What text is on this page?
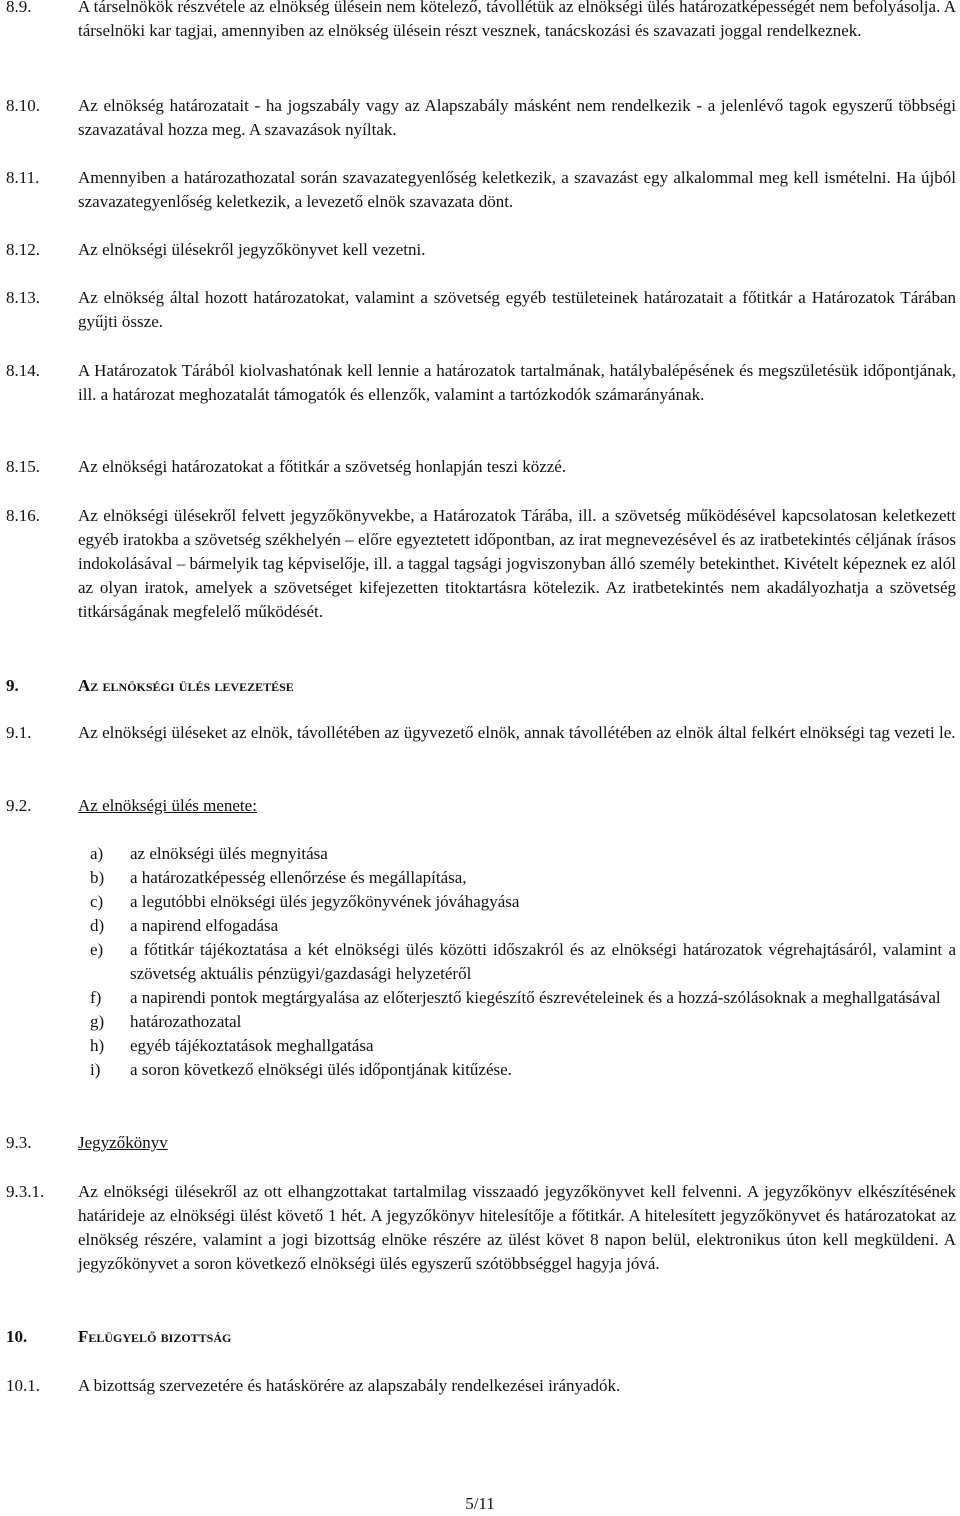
8.9.	A társelnökök részvétele az elnökség ülésein nem kötelező, távollétük az elnökségi ülés határozatképességét nem befolyásolja. A társelnöki kar tagjai, amennyiben az elnökség ülésein részt vesznek, tanácskozási és szavazati joggal rendelkeznek.
8.10. Az elnökség határozatait - ha jogszabály vagy az Alapszabály másként nem rendelkezik - a jelenlévő tagok egyszerű többségi szavazatával hozza meg. A szavazások nyíltak.
8.11. Amennyiben a határozathozatal során szavazategyenlőség keletkezik, a szavazást egy alkalommal meg kell ismételni. Ha újból szavazategyenlőség keletkezik, a levezető elnök szavazata dönt.
8.12. Az elnökségi ülésekről jegyzőkönyvet kell vezetni.
8.13. Az elnökség által hozott határozatokat, valamint a szövetség egyéb testületeinek határozatait a főtitkár a Határozatok Tárában gyűjti össze.
8.14. A Határozatok Tárából kiolvashatónak kell lennie a határozatok tartalmának, hatálybalépésének és megszületésük időpontjának, ill. a határozat meghozatalát támogatók és ellenzők, valamint a tartózkodók számarányának.
8.15. Az elnökségi határozatokat a főtitkár a szövetség honlapján teszi közzé.
8.16. Az elnökségi ülésekről felvett jegyzőkönyvekbe, a Határozatok Tárába, ill. a szövetség működésével kapcsolatosan keletkezett egyéb iratokba a szövetség székhelyén – előre egyeztetett időpontban, az irat megnevezésével és az iratbetekintés céljának írásos indokolásával – bármelyik tag képviselője, ill. a taggal tagsági jogviszonyban álló személy betekinthet. Kivételt képeznek ez alól az olyan iratok, amelyek a szövetséget kifejezetten titoktartásra kötelezik. Az iratbetekintés nem akadályozhatja a szövetség titkárságának megfelelő működését.
9.	Az elnökségi ülés levezetése
9.1.	Az elnökségi üléseket az elnök, távollétében az ügyvezető elnök, annak távollétében az elnök által felkért elnökségi tag vezeti le.
9.2.	Az elnökségi ülés menete:
a) az elnökségi ülés megnyitása
b) a határozatképesség ellenőrzése és megállapítása,
c) a legutóbbi elnökségi ülés jegyzőkönyvének jóváhagyása
d) a napirend elfogadása
e) a főtitkár tájékoztatása a két elnökségi ülés közötti időszakról és az elnökségi határozatok végrehajtásáról, valamint a szövetség aktuális pénzügyi/gazdasági helyzetéről
f) a napirendi pontok megtárgyalása az előterjesztő kiegészítő észrevételeinek és a hozzá-szólásoknak a meghallgatásával
g) határozathozatal
h) egyéb tájékoztatások meghallgatása
i) a soron következő elnökségi ülés időpontjának kitűzése.
9.3.	Jegyzőkönyv
9.3.1. Az elnökségi ülésekről az ott elhangzottakat tartalmilag visszaadó jegyzőkönyvet kell felvenni. A jegyzőkönyv elkészítésének határideje az elnökségi ülést követő 1 hét. A jegyzőkönyv hitelesítője a főtitkár. A hitelesített jegyzőkönyvet és határozatokat az elnökség részére, valamint a jogi bizottság elnöke részére az ülést követ 8 napon belül, elektronikus úton kell megküldeni. A jegyzőkönyvet a soron következő elnökségi ülés egyszerű szótöbbséggel hagyja jóvá.
10.	Felügyelő bizottság
10.1. A bizottság szervezetére és hatáskörére az alapszabály rendelkezései irányadók.
5/11
